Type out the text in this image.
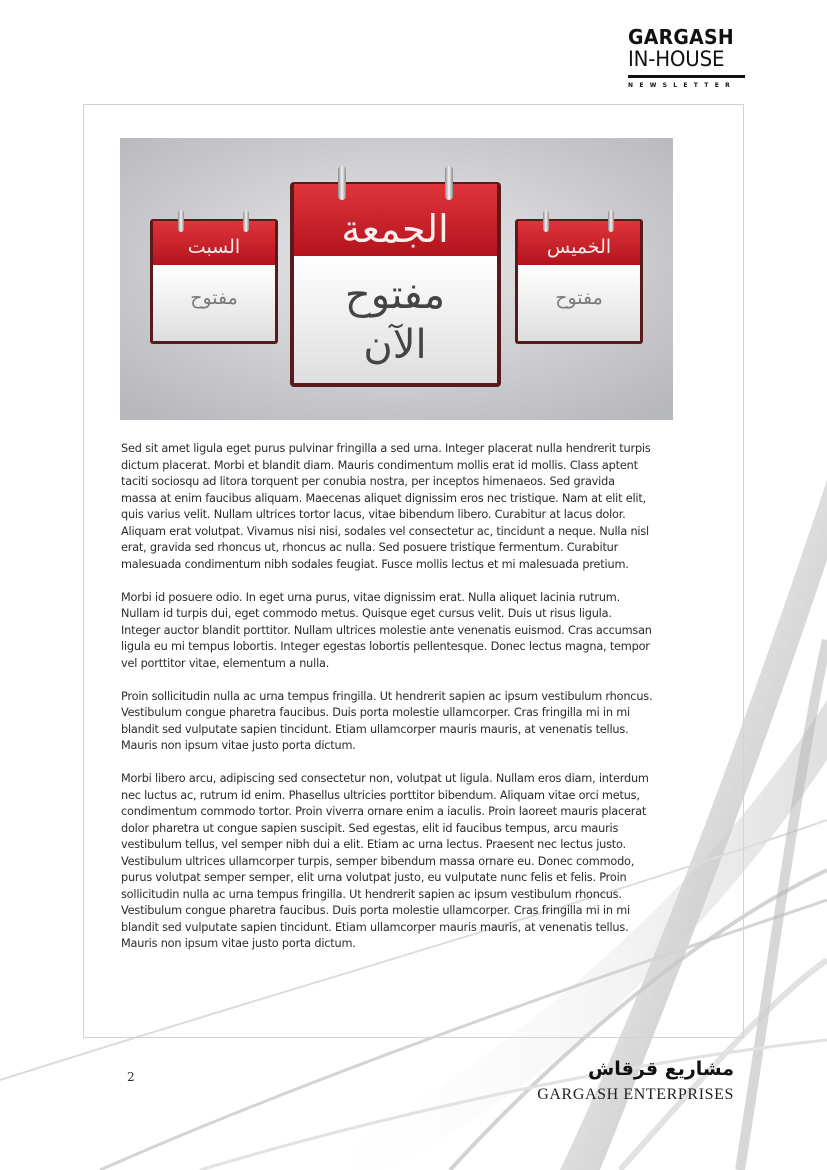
GARGASH
IN-HOUSE
NEWSLETTER
السبت
مفتوح
الخميس
مفتوح
الجمعة
مفتوح
الآن

Sed sit amet ligula eget purus pulvinar fringilla a sed urna. Integer placerat nulla hendrerit turpis dictum placerat. Morbi et blandit diam. Mauris condimentum mollis erat id mollis. Class aptent taciti sociosqu ad litora torquent per conubia nostra, per inceptos himenaeos. Sed gravida massa at enim faucibus aliquam. Maecenas aliquet dignissim eros nec tristique. Nam at elit elit, quis varius velit. Nullam ultrices tortor lacus, vitae bibendum libero. Curabitur at lacus dolor. Aliquam erat volutpat. Vivamus nisi nisi, sodales vel consectetur ac, tincidunt a neque. Nulla nisl erat, gravida sed rhoncus ut, rhoncus ac nulla. Sed posuere tristique fermentum. Curabitur malesuada condimentum nibh sodales feugiat. Fusce mollis lectus et mi malesuada pretium.

Morbi id posuere odio. In eget urna purus, vitae dignissim erat. Nulla aliquet lacinia rutrum. Nullam id turpis dui, eget commodo metus. Quisque eget cursus velit. Duis ut risus ligula. Integer auctor blandit porttitor. Nullam ultrices molestie ante venenatis euismod. Cras accumsan ligula eu mi tempus lobortis. Integer egestas lobortis pellentesque. Donec lectus magna, tempor vel porttitor vitae, elementum a nulla.

Proin sollicitudin nulla ac urna tempus fringilla. Ut hendrerit sapien ac ipsum vestibulum rhoncus. Vestibulum congue pharetra faucibus. Duis porta molestie ullamcorper. Cras fringilla mi in mi blandit sed vulputate sapien tincidunt. Etiam ullamcorper mauris mauris, at venenatis tellus. Mauris non ipsum vitae justo porta dictum.

Morbi libero arcu, adipiscing sed consectetur non, volutpat ut ligula. Nullam eros diam, interdum nec luctus ac, rutrum id enim. Phasellus ultricies porttitor bibendum. Aliquam vitae orci metus, condimentum commodo tortor. Proin viverra ornare enim a iaculis. Proin laoreet mauris placerat dolor pharetra ut congue sapien suscipit. Sed egestas, elit id faucibus tempus, arcu mauris vestibulum tellus, vel semper nibh dui a elit. Etiam ac urna lectus. Praesent nec lectus justo. Vestibulum ultrices ullamcorper turpis, semper bibendum massa ornare eu. Donec commodo, purus volutpat semper semper, elit urna volutpat justo, eu vulputate nunc felis et felis. Proin sollicitudin nulla ac urna tempus fringilla. Ut hendrerit sapien ac ipsum vestibulum rhoncus. Vestibulum congue pharetra faucibus. Duis porta molestie ullamcorper. Cras fringilla mi in mi blandit sed vulputate sapien tincidunt. Etiam ullamcorper mauris mauris, at venenatis tellus. Mauris non ipsum vitae justo porta dictum.

2	مشاريع قرقاش
GARGASH ENTERPRISES
